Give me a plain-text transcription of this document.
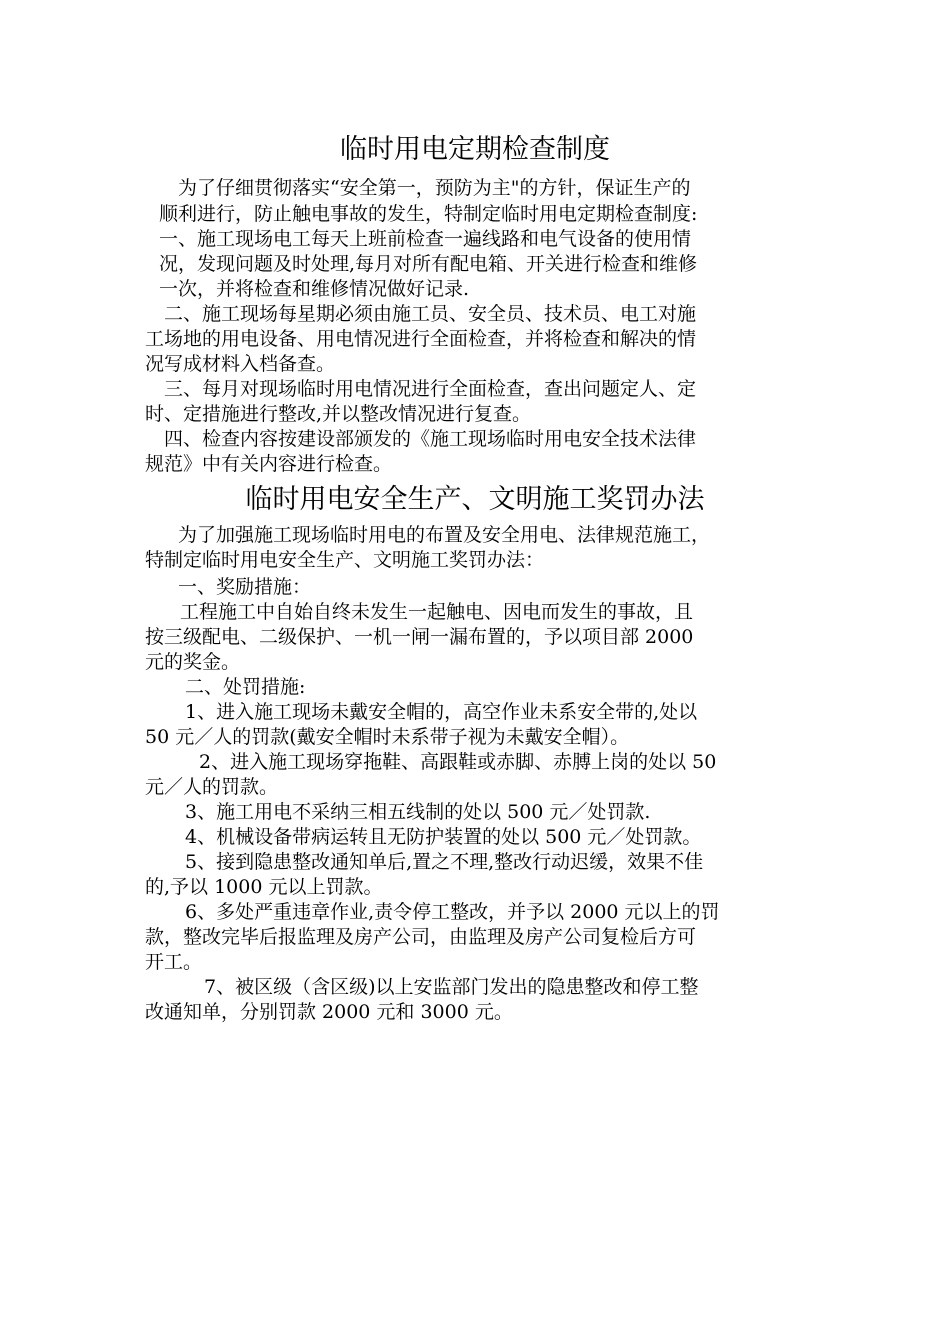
临时用电定期检查制度
为了仔细贯彻落实“安全第一，预防为主"的方针，保证生产的
顺利进行，防止触电事故的发生，特制定临时用电定期检查制度:
一、施工现场电工每天上班前检查一遍线路和电气设备的使用情
况，发现问题及时处理,每月对所有配电箱、开关进行检查和维修
一次，并将检查和维修情况做好记录.
二、施工现场每星期必须由施工员、安全员、技术员、电工对施
工场地的用电设备、用电情况进行全面检查，并将检查和解决的情
况写成材料入档备查。
三、每月对现场临时用电情况进行全面检查，查出问题定人、定
时、定措施进行整改,并以整改情况进行复查。
四、检查内容按建设部颁发的《施工现场临时用电安全技术法律
规范》中有关内容进行检查。
临时用电安全生产、文明施工奖罚办法
为了加强施工现场临时用电的布置及安全用电、法律规范施工，
特制定临时用电安全生产、文明施工奖罚办法：
一、奖励措施：
工程施工中自始自终未发生一起触电、因电而发生的事故，且
按三级配电、二级保护、一机一闸一漏布置的，予以项目部 2000
元的奖金。
二、处罚措施:
1、进入施工现场未戴安全帽的，高空作业未系安全带的,处以
50 元／人的罚款(戴安全帽时未系带子视为未戴安全帽）。
2、进入施工现场穿拖鞋、高跟鞋或赤脚、赤膊上岗的处以 50
元／人的罚款。
3、施工用电不采纳三相五线制的处以 500 元／处罚款.
4、机械设备带病运转且无防护装置的处以 500 元／处罚款。
5、接到隐患整改通知单后,置之不理,整改行动迟缓，效果不佳
的,予以 1000 元以上罚款。
6、多处严重违章作业,责令停工整改，并予以 2000 元以上的罚
款，整改完毕后报监理及房产公司，由监理及房产公司复检后方可
开工。
7、被区级（含区级)以上安监部门发出的隐患整改和停工整
改通知单，分别罚款 2000 元和 3000 元。
